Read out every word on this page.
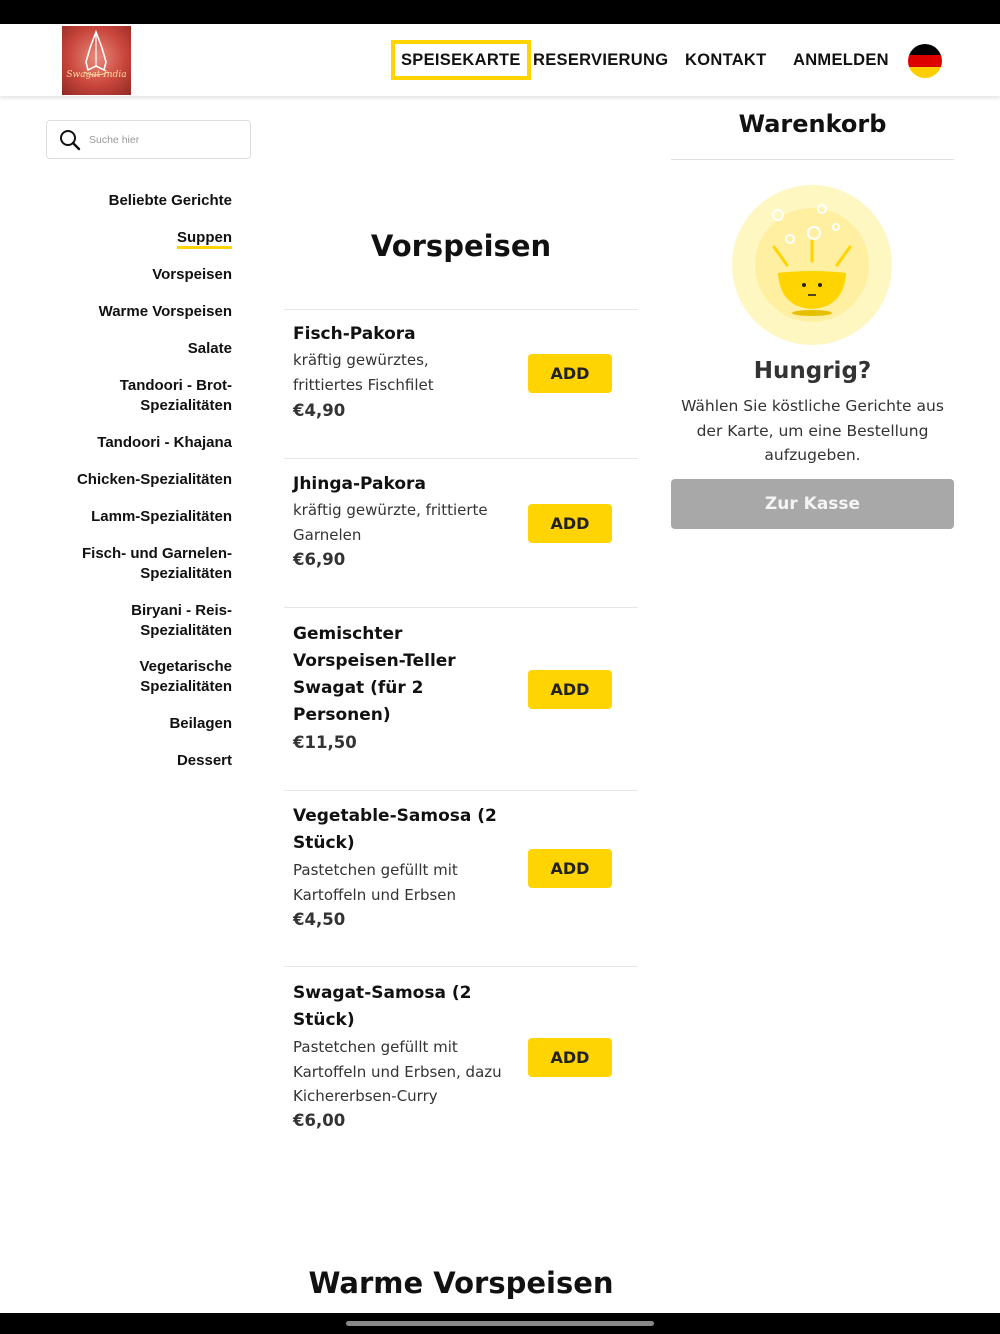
Swagat India
SPEISEKARTE RESERVIERUNG KONTAKT ANMELDEN
Suche hier
Beliebte Gerichte
Suppen
Vorspeisen
Warme Vorspeisen
Salate
Tandoori - Brot-Spezialitäten
Tandoori - Khajana
Chicken-Spezialitäten
Lamm-Spezialitäten
Fisch- und Garnelen-Spezialitäten
Biryani - Reis-Spezialitäten
Vegetarische Spezialitäten
Beilagen
Dessert
Vorspeisen
Fisch-Pakora
kräftig gewürztes, frittiertes Fischfilet
€4,90
ADD
Jhinga-Pakora
kräftig gewürzte, frittierte Garnelen
€6,90
ADD
Gemischter Vorspeisen-Teller Swagat (für 2 Personen)
€11,50
ADD
Vegetable-Samosa (2 Stück)
Pastetchen gefüllt mit Kartoffeln und Erbsen
€4,50
ADD
Swagat-Samosa (2 Stück)
Pastetchen gefüllt mit Kartoffeln und Erbsen, dazu Kichererbsen-Curry
€6,00
ADD
Warme Vorspeisen
Warenkorb
Hungrig?

Wählen Sie köstliche Gerichte aus der Karte, um eine Bestellung aufzugeben.

Zur Kasse
